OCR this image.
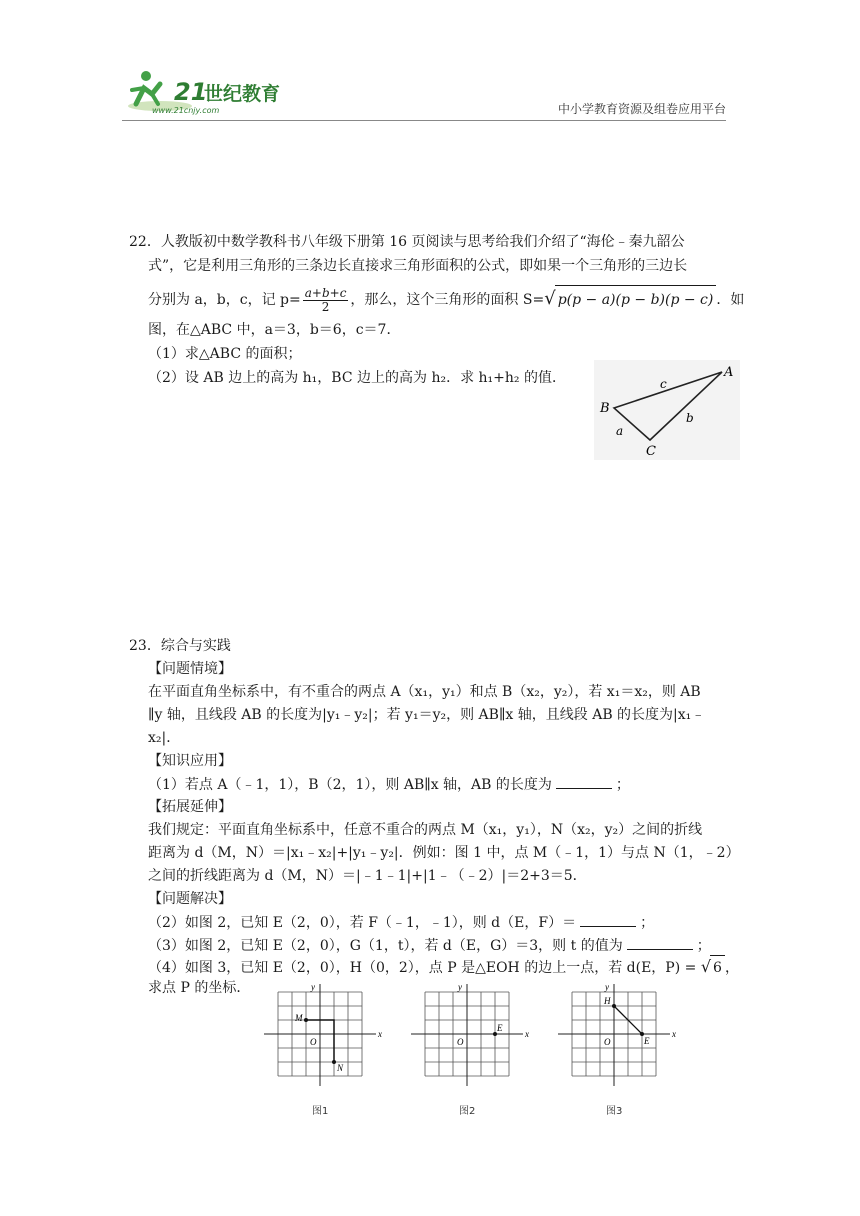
21
世纪教育
www.21cnjy.com	中小学教育资源及组卷应用平台
22．人教版初中数学教科书八年级下册第 16 页阅读与思考给我们介绍了“海伦﹣秦九韶公
式”，它是利用三角形的三条边长直接求三角形面积的公式，即如果一个三角形的三边长
分别为 a，b，c，记 $p= \frac{a+b+c}{2}$ ，那么，这个三角形的面积 S=√ p(p − a)(p − b)(p − c) ．如
图，在△ABC 中，a＝3，b＝6，c＝7．
（1）求△ABC 的面积；
（2）设 AB 边上的高为 h₁，BC 边上的高为 h₂．求 h₁+h₂ 的值．	A
B
C
a
b
c
23．综合与实践
【问题情境】
在平面直角坐标系中，有不重合的两点 A（x₁，y₁）和点 B（x₂，y₂），若 x₁＝x₂，则 AB
∥y 轴，且线段 AB 的长度为|y₁﹣y₂|；若 y₁＝y₂，则 AB∥x 轴，且线段 AB 的长度为|x₁﹣
x₂|．
【知识应用】
（1）若点 A（﹣1，1），B（2，1），则 AB∥x 轴，AB 的长度为	；
【拓展延伸】
我们规定：平面直角坐标系中，任意不重合的两点 M（x₁，y₁），N（x₂，y₂）之间的折线
距离为 d（M，N）＝|x₁﹣x₂|+|y₁﹣y₂|．例如：图 1 中，点 M（﹣1，1）与点 N（1，﹣2）
之间的折线距离为 d（M，N）＝|﹣1﹣1|+|1﹣（﹣2）|＝2+3＝5．
【问题解决】
（2）如图 2，已知 E（2，0），若 F（﹣1，﹣1），则 d（E，F）＝	；
（3）如图 2，已知 E（2，0），G（1，t），若 d（E，G）＝3，则 t 的值为	；
（4）如图 3，已知 E（2，0），H（0，2），点 P 是△EOH 的边上一点，若 d(E，P) = √ 6 ，
求点 P 的坐标．
x
y
O
M
N
x
y
O
E
x
y
O
H
E
图1	图2	图3
